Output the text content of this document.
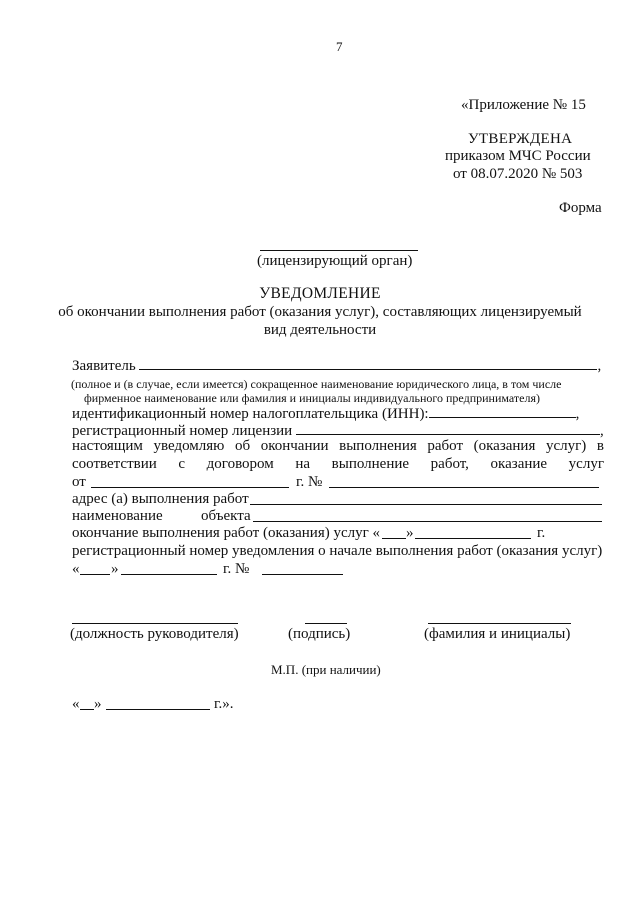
7
«Приложение № 15
УТВЕРЖДЕНА
приказом МЧС России
от 08.07.2020 № 503
Форма
(лицензирующий орган)
УВЕДОМЛЕНИЕ
об окончании выполнения работ (оказания услуг), составляющих лицензируемый
вид деятельности
Заявитель	,
(полное и (в случае, если имеется) сокращенное наименование юридического лица, в том числе
фирменное наименование или фамилия и инициалы индивидуального предпринимателя)
идентификационный номер налогоплательщика (ИНН):	,
регистрационный номер лицензии	,
настоящим уведомляю об окончании выполнения работ (оказания услуг) в
соответствии с договором на выполнение работ, оказание услуг
от	г. №
адрес (а) выполнения работ
наименование	объекта
окончание выполнения работ (оказания) услуг « »	г.
регистрационный номер уведомления о начале выполнения работ (оказания услуг)
« »	г. №
(должность руководителя)	(подпись)	(фамилия и инициалы)
М.П. (при наличии)
« »	г.».
